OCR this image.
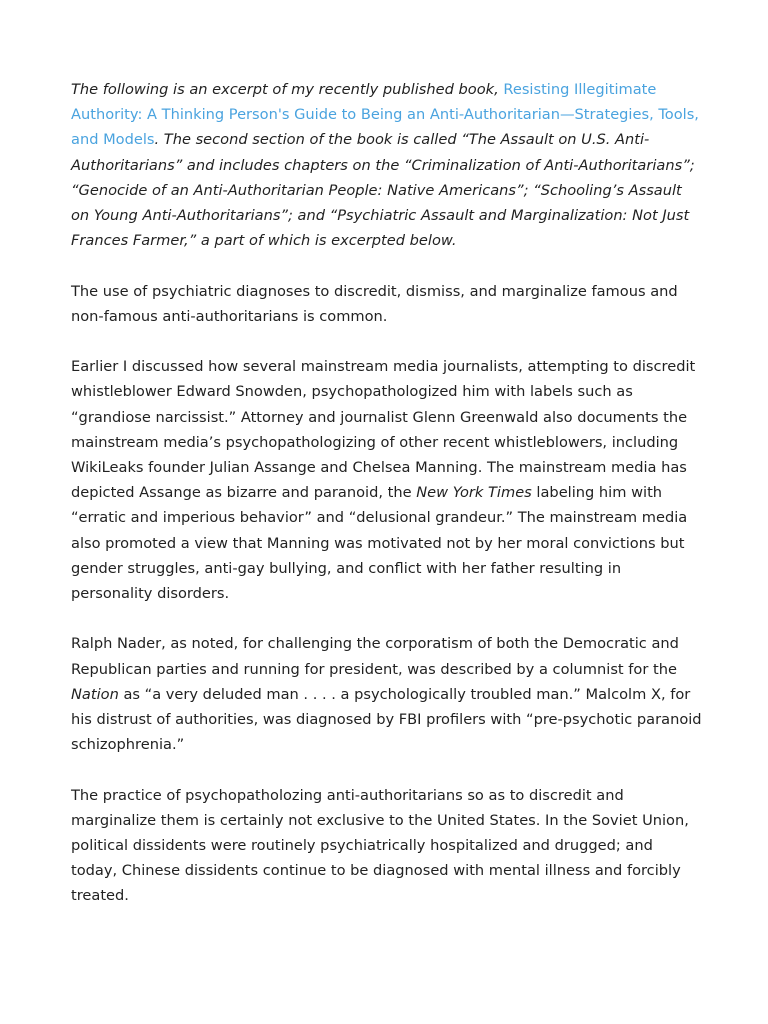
The following is an excerpt of my recently published book, Resisting Illegitimate Authority: A Thinking Person's Guide to Being an Anti-Authoritarian—Strategies, Tools, and Models. The second section of the book is called “The Assault on U.S. Anti-Authoritarians” and includes chapters on the “Criminalization of Anti-Authoritarians”; “Genocide of an Anti-Authoritarian People: Native Americans”; “Schooling’s Assault on Young Anti-Authoritarians”; and “Psychiatric Assault and Marginalization: Not Just Frances Farmer,” a part of which is excerpted below.

The use of psychiatric diagnoses to discredit, dismiss, and marginalize famous and non-famous anti-authoritarians is common.

Earlier I discussed how several mainstream media journalists, attempting to discredit whistleblower Edward Snowden, psychopathologized him with labels such as “grandiose narcissist.” Attorney and journalist Glenn Greenwald also documents the mainstream media’s psychopathologizing of other recent whistleblowers, including WikiLeaks founder Julian Assange and Chelsea Manning. The mainstream media has depicted Assange as bizarre and paranoid, the New York Times labeling him with “erratic and imperious behavior” and “delusional grandeur.” The mainstream media also promoted a view that Manning was motivated not by her moral convictions but gender struggles, anti-gay bullying, and conflict with her father resulting in personality disorders.

Ralph Nader, as noted, for challenging the corporatism of both the Democratic and Republican parties and running for president, was described by a columnist for the Nation as “a very deluded man . . . . a psychologically troubled man.” Malcolm X, for his distrust of authorities, was diagnosed by FBI profilers with “pre-psychotic paranoid schizophrenia.”

The practice of psychopatholozing anti-authoritarians so as to discredit and marginalize them is certainly not exclusive to the United States. In the Soviet Union, political dissidents were routinely psychiatrically hospitalized and drugged; and today, Chinese dissidents continue to be diagnosed with mental illness and forcibly treated.
